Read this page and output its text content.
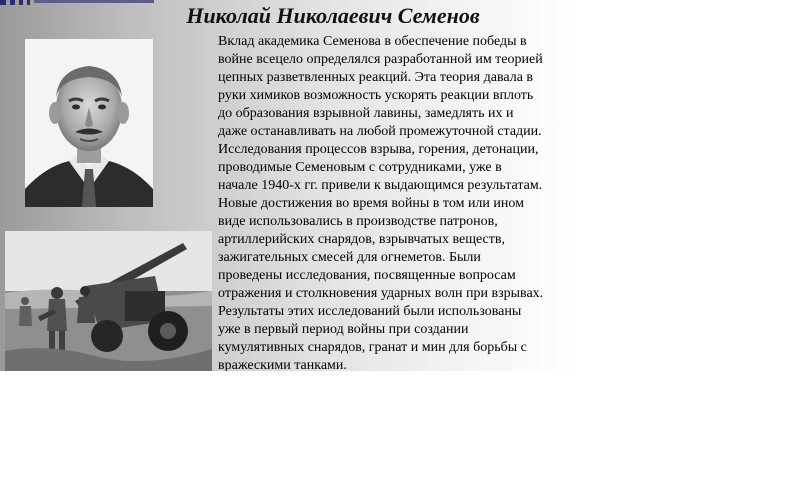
Николай Николаевич Семенов
Вклад академика Семенова в обеспечение победы в
войне всецело определялся разработанной им теорией
цепных разветвленных реакций. Эта теория давала в
руки химиков возможность ускорять реакции вплоть
до образования взрывной лавины, замедлять их и
даже останавливать на любой промежуточной стадии.
Исследования процессов взрыва, горения, детонации,
проводимые Семеновым с сотрудниками, уже в
начале 1940-х гг. привели к выдающимся результатам.
Новые достижения во время войны в том или ином
виде использовались в производстве патронов,
артиллерийских снарядов, взрывчатых веществ,
зажигательных смесей для огнеметов. Были
проведены исследования, посвященные вопросам
отражения и столкновения ударных волн при взрывах.
Результаты этих исследований были использованы
уже в первый период войны при создании
кумулятивных снарядов, гранат и мин для борьбы с
вражескими танками.
